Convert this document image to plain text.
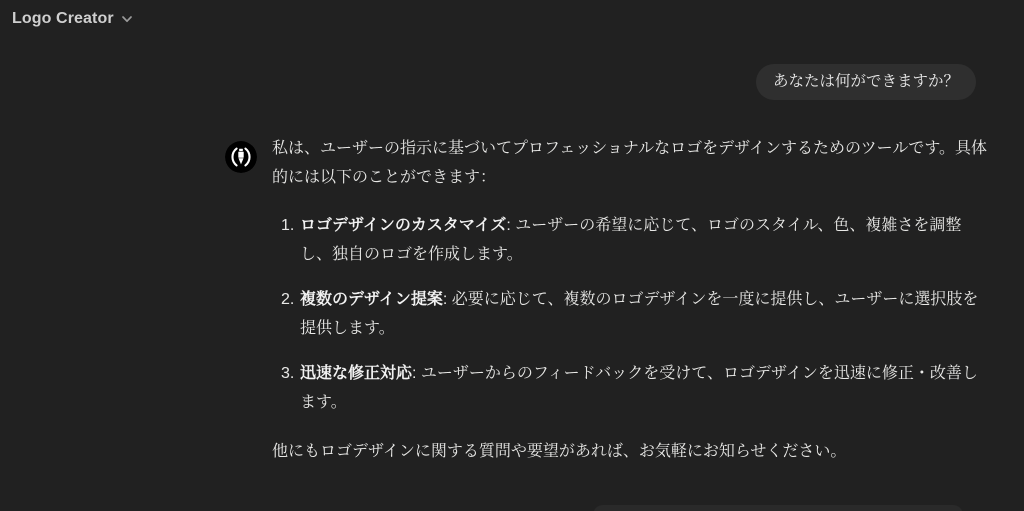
Logo Creator
あなたは何ができますか？

私は、ユーザーの指示に基づいてプロフェッショナルなロゴをデザインするためのツールです。具体的には以下のことができます：

1. ロゴデザインのカスタマイズ: ユーザーの希望に応じて、ロゴのスタイル、色、複雑さを調整し、独自のロゴを作成します。
2. 複数のデザイン提案: 必要に応じて、複数のロゴデザインを一度に提供し、ユーザーに選択肢を提供します。
3. 迅速な修正対応: ユーザーからのフィードバックを受けて、ロゴデザインを迅速に修正・改善します。

他にもロゴデザインに関する質問や要望があれば、お気軽にお知らせください。
